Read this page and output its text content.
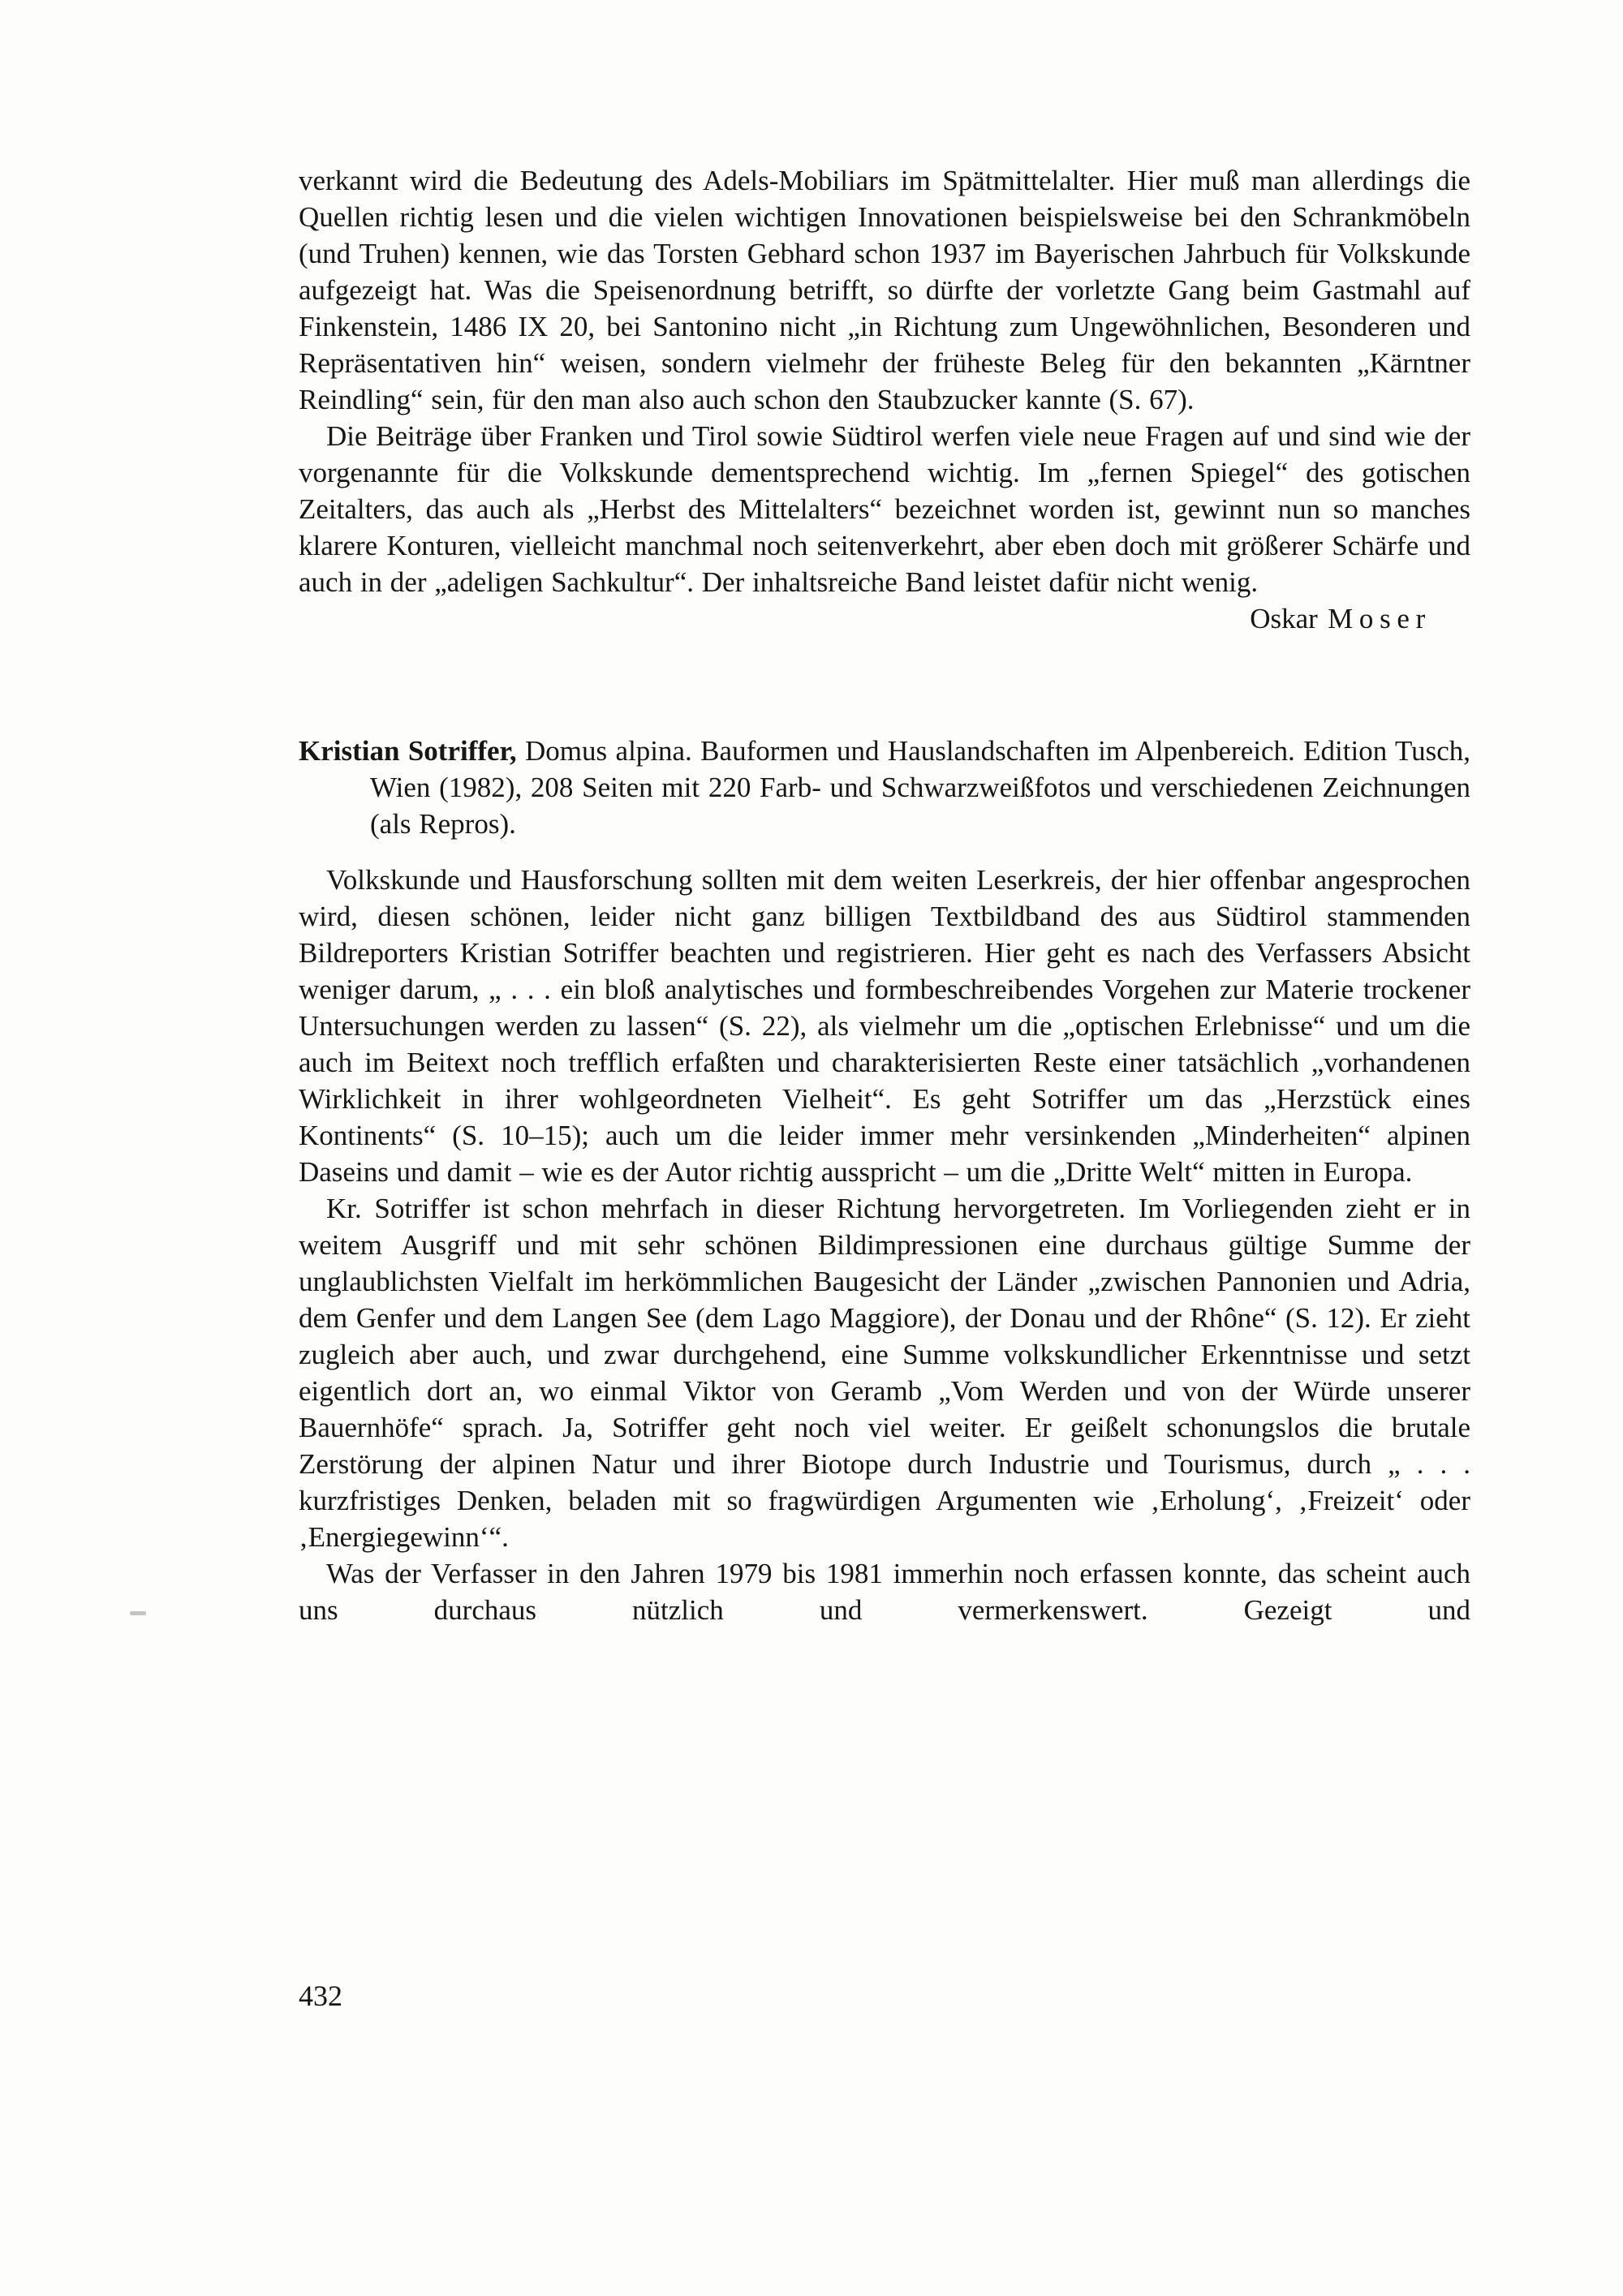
verkannt wird die Bedeutung des Adels-Mobiliars im Spätmittelalter. Hier muß man allerdings die Quellen richtig lesen und die vielen wichtigen Innovationen beispielsweise bei den Schrankmöbeln (und Truhen) kennen, wie das Torsten Gebhard schon 1937 im Bayerischen Jahrbuch für Volkskunde aufgezeigt hat. Was die Speisenordnung betrifft, so dürfte der vorletzte Gang beim Gastmahl auf Finkenstein, 1486 IX 20, bei Santonino nicht „in Richtung zum Ungewöhnlichen, Besonderen und Repräsentativen hin“ weisen, sondern vielmehr der früheste Beleg für den bekannten „Kärntner Reindling“ sein, für den man also auch schon den Staubzucker kannte (S. 67).

Die Beiträge über Franken und Tirol sowie Südtirol werfen viele neue Fragen auf und sind wie der vorgenannte für die Volkskunde dementsprechend wichtig. Im „fernen Spiegel“ des gotischen Zeitalters, das auch als „Herbst des Mittelalters“ bezeichnet worden ist, gewinnt nun so manches klarere Konturen, vielleicht manchmal noch seitenverkehrt, aber eben doch mit größerer Schärfe und auch in der „adeligen Sachkultur“. Der inhaltsreiche Band leistet dafür nicht wenig.

Oskar Moser

Kristian Sotriffer, Domus alpina. Bauformen und Hauslandschaften im Alpenbereich. Edition Tusch, Wien (1982), 208 Seiten mit 220 Farb- und Schwarzweißfotos und verschiedenen Zeichnungen (als Repros).

Volkskunde und Hausforschung sollten mit dem weiten Leserkreis, der hier offenbar angesprochen wird, diesen schönen, leider nicht ganz billigen Textbildband des aus Südtirol stammenden Bildreporters Kristian Sotriffer beachten und registrieren. Hier geht es nach des Verfassers Absicht weniger darum, „ . . . ein bloß analytisches und formbeschreibendes Vorgehen zur Materie trockener Untersuchungen werden zu lassen“ (S. 22), als vielmehr um die „optischen Erlebnisse“ und um die auch im Beitext noch trefflich erfaßten und charakterisierten Reste einer tatsächlich „vorhandenen Wirklichkeit in ihrer wohlgeordneten Vielheit“. Es geht Sotriffer um das „Herzstück eines Kontinents“ (S. 10–15); auch um die leider immer mehr versinkenden „Minderheiten“ alpinen Daseins und damit – wie es der Autor richtig ausspricht – um die „Dritte Welt“ mitten in Europa.

Kr. Sotriffer ist schon mehrfach in dieser Richtung hervorgetreten. Im Vorliegenden zieht er in weitem Ausgriff und mit sehr schönen Bildimpressionen eine durchaus gültige Summe der unglaublichsten Vielfalt im herkömmlichen Baugesicht der Länder „zwischen Pannonien und Adria, dem Genfer und dem Langen See (dem Lago Maggiore), der Donau und der Rhône“ (S. 12). Er zieht zugleich aber auch, und zwar durchgehend, eine Summe volkskundlicher Erkenntnisse und setzt eigentlich dort an, wo einmal Viktor von Geramb „Vom Werden und von der Würde unserer Bauernhöfe“ sprach. Ja, Sotriffer geht noch viel weiter. Er geißelt schonungslos die brutale Zerstörung der alpinen Natur und ihrer Biotope durch Industrie und Tourismus, durch „ . . . kurzfristiges Denken, beladen mit so fragwürdigen Argumenten wie ‚Erholung‘, ‚Freizeit‘ oder ‚Energiegewinn‘“.

Was der Verfasser in den Jahren 1979 bis 1981 immerhin noch erfassen konnte, das scheint auch uns durchaus nützlich und vermerkenswert. Gezeigt und

432
